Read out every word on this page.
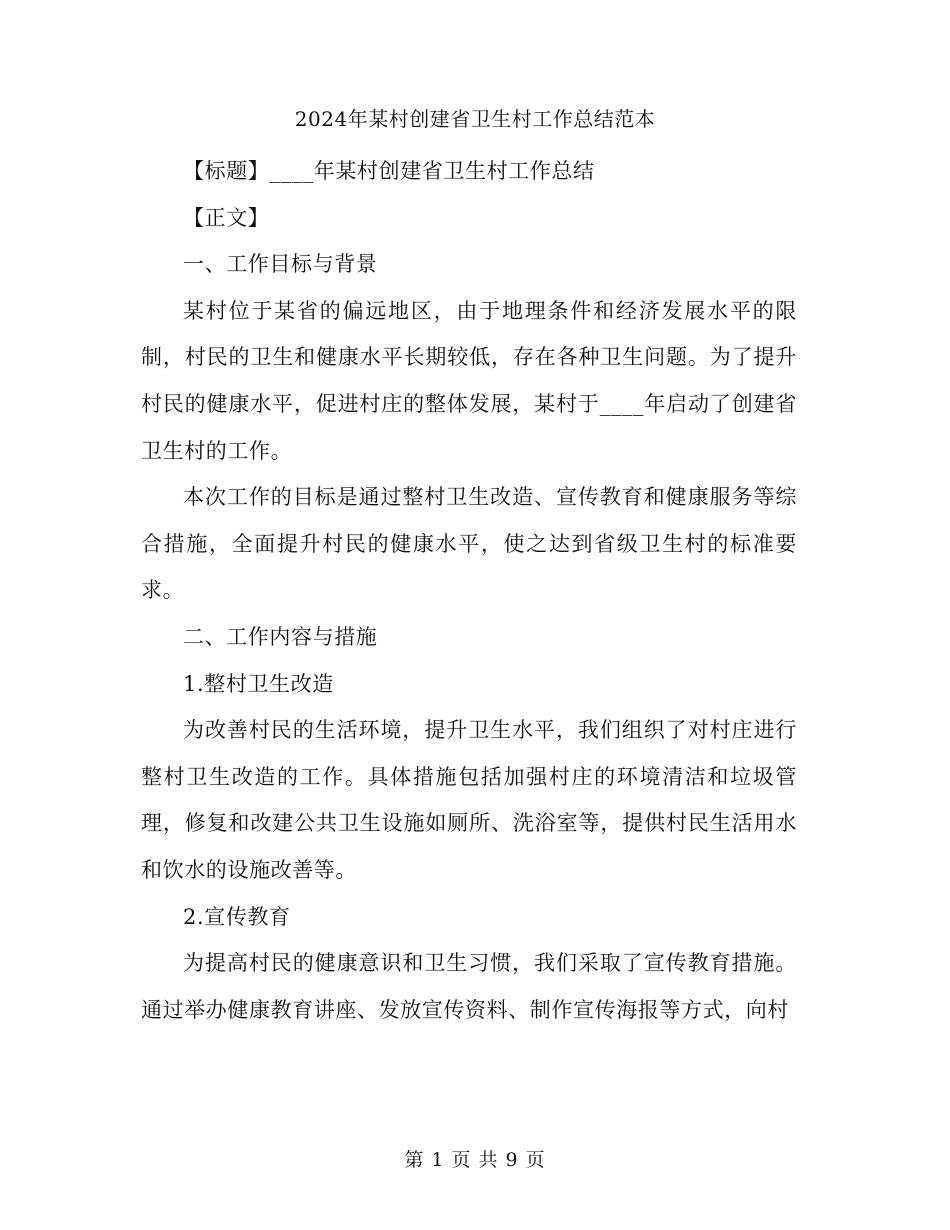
2024年某村创建省卫生村工作总结范本

【标题】____年某村创建省卫生村工作总结

【正文】

一、工作目标与背景

某村位于某省的偏远地区，由于地理条件和经济发展水平的限制，村民的卫生和健康水平长期较低，存在各种卫生问题。为了提升村民的健康水平，促进村庄的整体发展，某村于____年启动了创建省卫生村的工作。

本次工作的目标是通过整村卫生改造、宣传教育和健康服务等综合措施，全面提升村民的健康水平，使之达到省级卫生村的标准要求。

二、工作内容与措施

1.整村卫生改造

为改善村民的生活环境，提升卫生水平，我们组织了对村庄进行整村卫生改造的工作。具体措施包括加强村庄的环境清洁和垃圾管理，修复和改建公共卫生设施如厕所、洗浴室等，提供村民生活用水和饮水的设施改善等。

2.宣传教育

为提高村民的健康意识和卫生习惯，我们采取了宣传教育措施。通过举办健康教育讲座、发放宣传资料、制作宣传海报等方式，向村

第 1 页 共 9 页
